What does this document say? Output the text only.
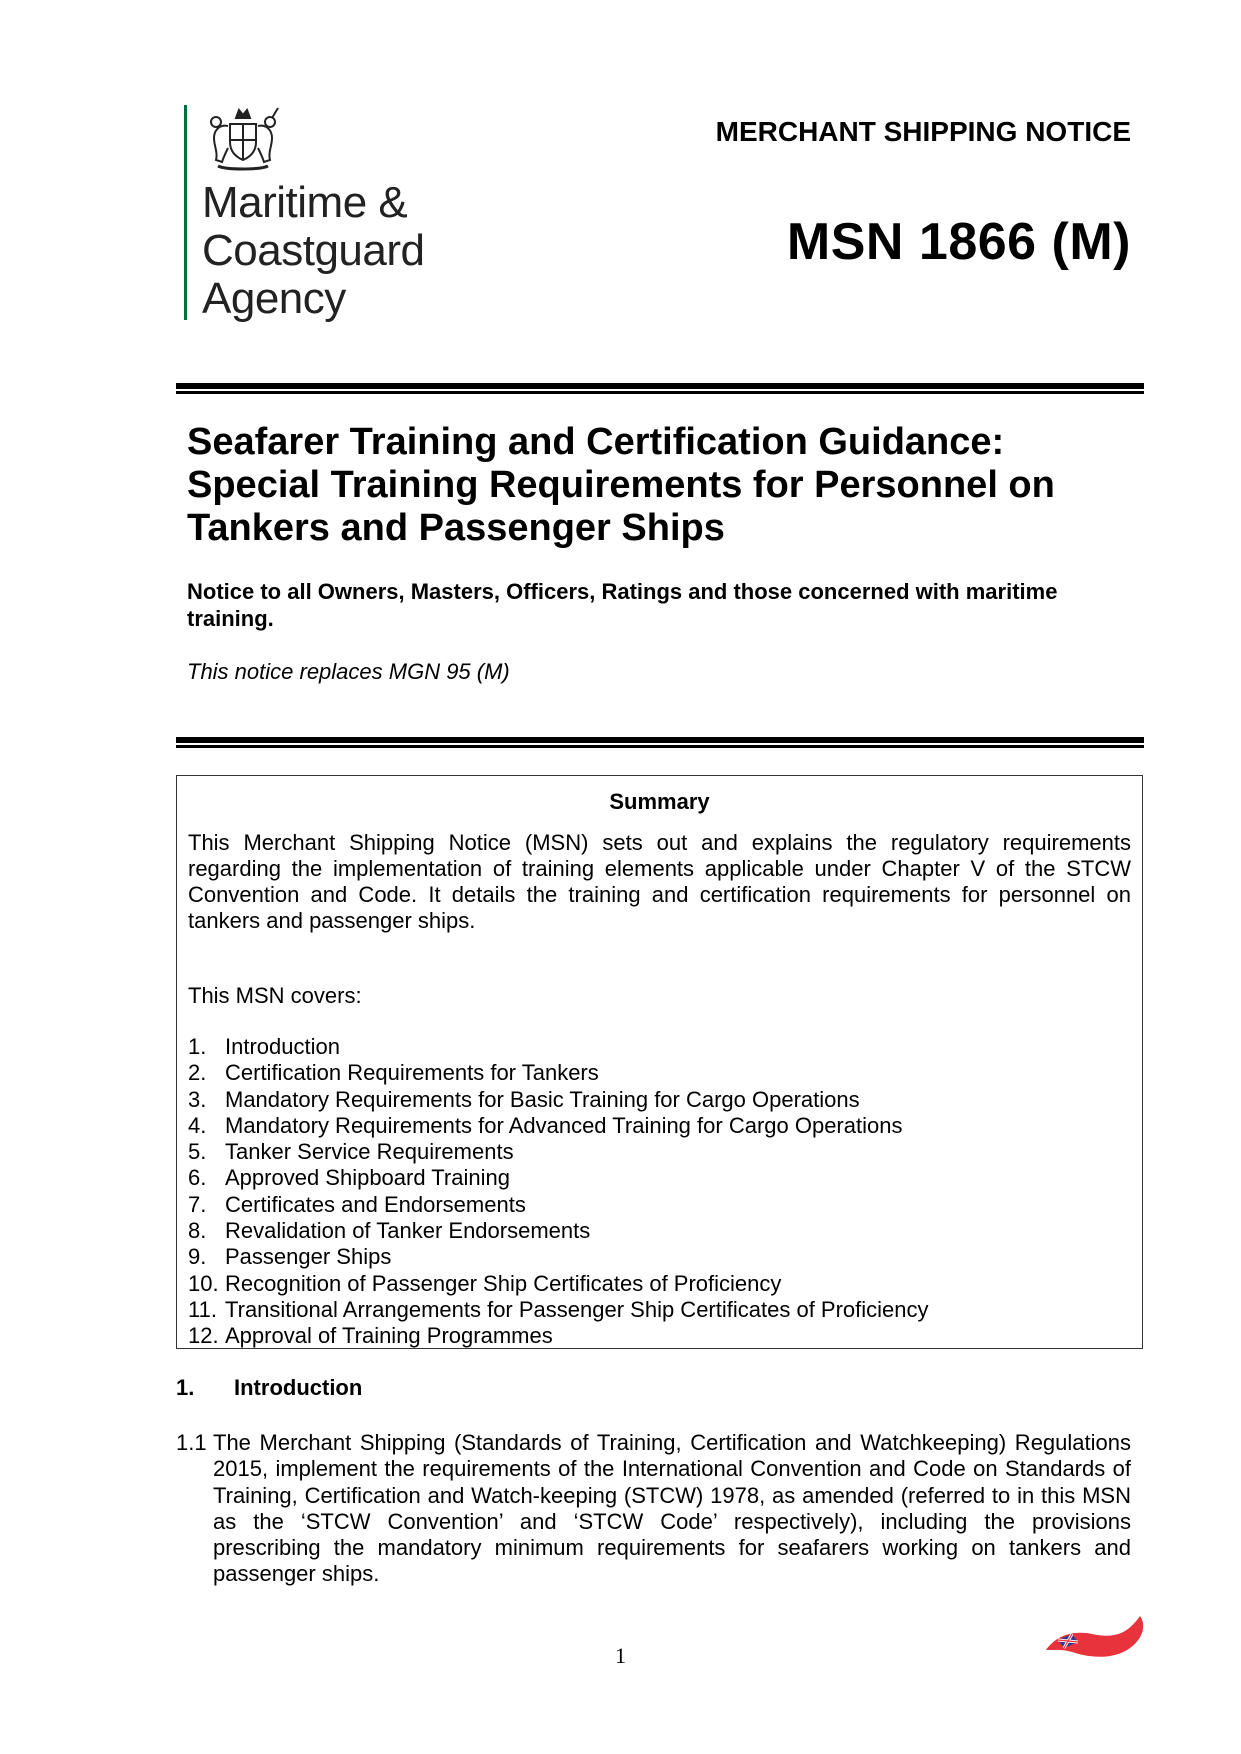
Maritime &
Coastguard
Agency
MERCHANT SHIPPING NOTICE
MSN 1866 (M)
Seafarer Training and Certification Guidance: Special Training Requirements for Personnel on Tankers and Passenger Ships
Notice to all Owners, Masters, Officers, Ratings and those concerned with maritime training.
This notice replaces MGN 95 (M)
Summary
This Merchant Shipping Notice (MSN) sets out and explains the regulatory requirements regarding the implementation of training elements applicable under Chapter V of the STCW Convention and Code. It details the training and certification requirements for personnel on tankers and passenger ships.
This MSN covers:
1. Introduction
2. Certification Requirements for Tankers
3. Mandatory Requirements for Basic Training for Cargo Operations
4. Mandatory Requirements for Advanced Training for Cargo Operations
5. Tanker Service Requirements
6. Approved Shipboard Training
7. Certificates and Endorsements
8. Revalidation of Tanker Endorsements
9. Passenger Ships
10. Recognition of Passenger Ship Certificates of Proficiency
11. Transitional Arrangements for Passenger Ship Certificates of Proficiency
12. Approval of Training Programmes
1. Introduction
1.1 The Merchant Shipping (Standards of Training, Certification and Watchkeeping) Regulations 2015, implement the requirements of the International Convention and Code on Standards of Training, Certification and Watch-keeping (STCW) 1978, as amended (referred to in this MSN as the ‘STCW Convention’ and ‘STCW Code’ respectively), including the provisions prescribing the mandatory minimum requirements for seafarers working on tankers and passenger ships.
1
